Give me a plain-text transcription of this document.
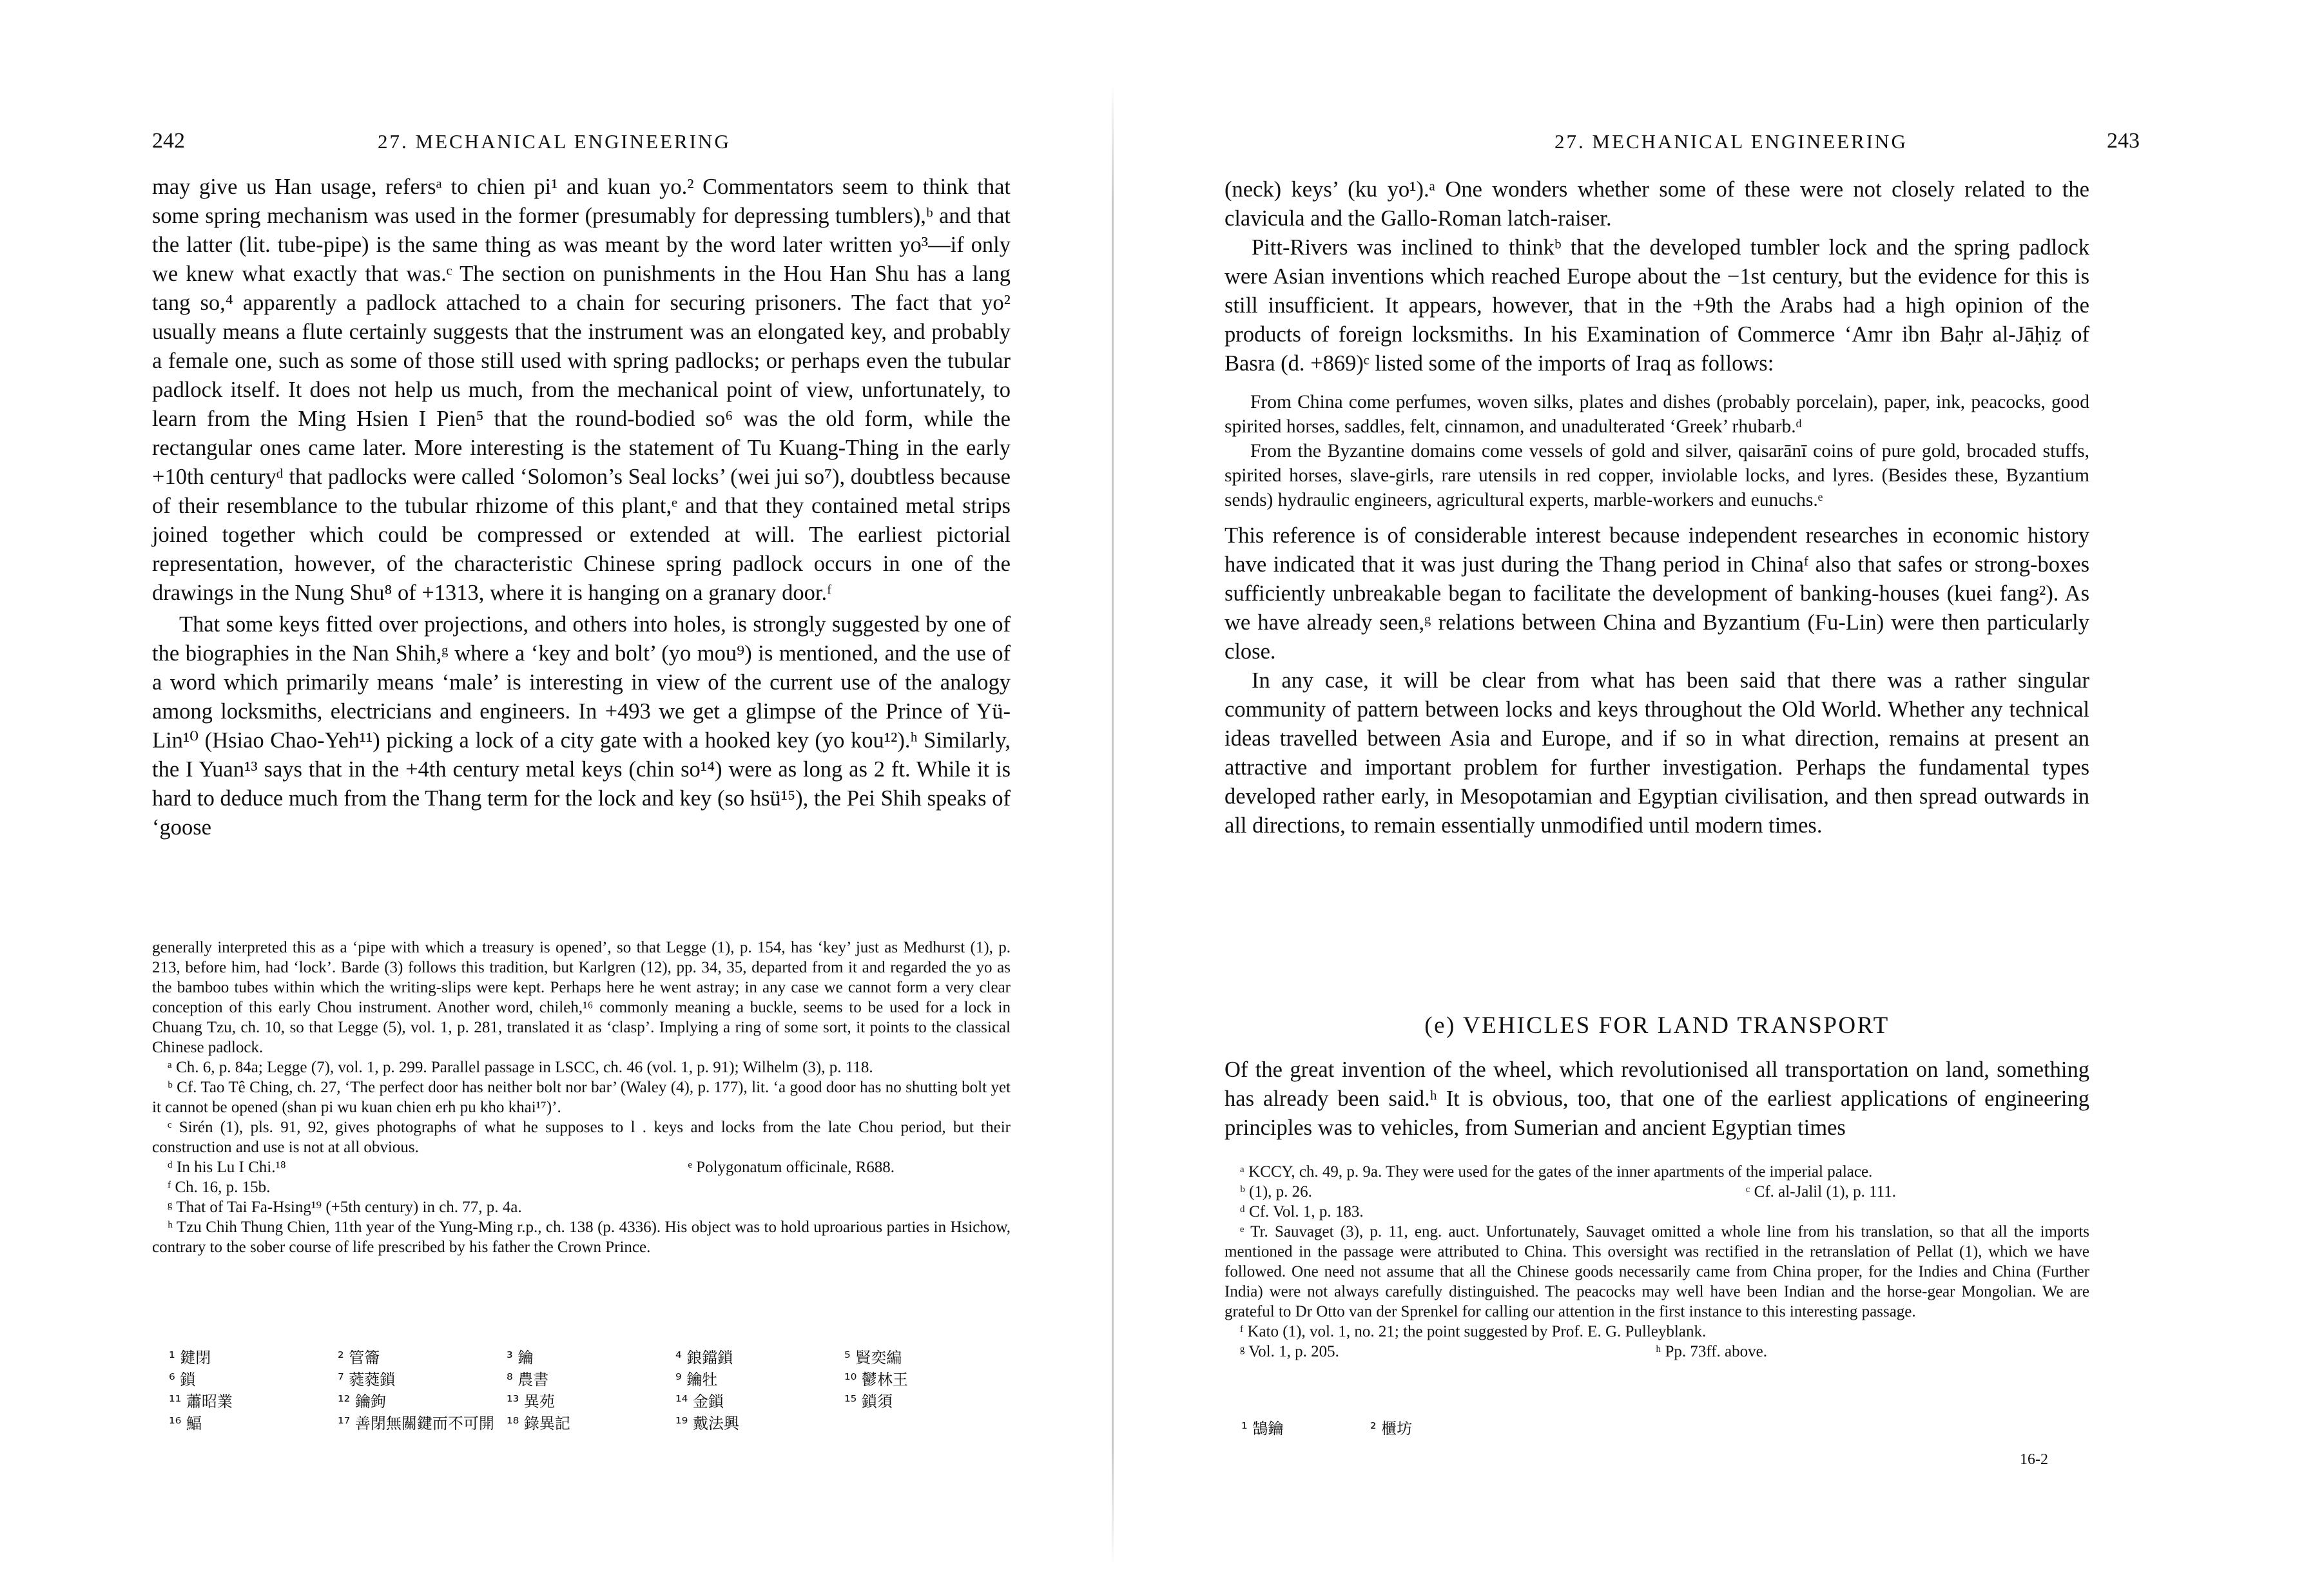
242	27. MECHANICAL ENGINEERING

may give us Han usage, refersᵃ to chien pi¹ and kuan yo.² Commentators seem to think that some spring mechanism was used in the former (presumably for depressing tumblers),ᵇ and that the latter (lit. tube-pipe) is the same thing as was meant by the word later written yo³—if only we knew what exactly that was.ᶜ The section on punishments in the Hou Han Shu has a lang tang so,⁴ apparently a padlock attached to a chain for securing prisoners. The fact that yo² usually means a flute certainly suggests that the instrument was an elongated key, and probably a female one, such as some of those still used with spring padlocks; or perhaps even the tubular padlock itself. It does not help us much, from the mechanical point of view, unfortunately, to learn from the Ming Hsien I Pien⁵ that the round-bodied so⁶ was the old form, while the rectangular ones came later. More interesting is the statement of Tu Kuang-Thing in the early +10th centuryᵈ that padlocks were called ‘Solomon’s Seal locks’ (wei jui so⁷), doubtless because of their resemblance to the tubular rhizome of this plant,ᵉ and that they contained metal strips joined together which could be compressed or extended at will. The earliest pictorial representation, however, of the characteristic Chinese spring padlock occurs in one of the drawings in the Nung Shu⁸ of +1313, where it is hanging on a granary door.ᶠ

That some keys fitted over projections, and others into holes, is strongly suggested by one of the biographies in the Nan Shih,ᵍ where a ‘key and bolt’ (yo mou⁹) is mentioned, and the use of a word which primarily means ‘male’ is interesting in view of the current use of the analogy among locksmiths, electricians and engineers. In +493 we get a glimpse of the Prince of Yü-Lin¹⁰ (Hsiao Chao-Yeh¹¹) picking a lock of a city gate with a hooked key (yo kou¹²).ʰ Similarly, the I Yuan¹³ says that in the +4th century metal keys (chin so¹⁴) were as long as 2 ft. While it is hard to deduce much from the Thang term for the lock and key (so hsü¹⁵), the Pei Shih speaks of ‘goose

generally interpreted this as a ‘pipe with which a treasury is opened’, so that Legge (1), p. 154, has ‘key’ just as Medhurst (1), p. 213, before him, had ‘lock’. Barde (3) follows this tradition, but Karlgren (12), pp. 34, 35, departed from it and regarded the yo as the bamboo tubes within which the writing-slips were kept. Perhaps here he went astray; in any case we cannot form a very clear conception of this early Chou instrument. Another word, chileh,¹⁶ commonly meaning a buckle, seems to be used for a lock in Chuang Tzu, ch. 10, so that Legge (5), vol. 1, p. 281, translated it as ‘clasp’. Implying a ring of some sort, it points to the classical Chinese padlock.

ᵃ Ch. 6, p. 84a; Legge (7), vol. 1, p. 299. Parallel passage in LSCC, ch. 46 (vol. 1, p. 91); Wilhelm (3), p. 118.

ᵇ Cf. Tao Tê Ching, ch. 27, ‘The perfect door has neither bolt nor bar’ (Waley (4), p. 177), lit. ‘a good door has no shutting bolt yet it cannot be opened (shan pi wu kuan chien erh pu kho khai¹⁷)’.

ᶜ Sirén (1), pls. 91, 92, gives photographs of what he supposes to l . keys and locks from the late Chou period, but their construction and use is not at all obvious.

ᵈ In his Lu I Chi.¹⁸	ᵉ Polygonatum officinale, R688.

ᶠ Ch. 16, p. 15b.

ᵍ That of Tai Fa-Hsing¹⁹ (+5th century) in ch. 77, p. 4a.

ʰ Tzu Chih Thung Chien, 11th year of the Yung-Ming r.p., ch. 138 (p. 4336). His object was to hold uproarious parties in Hsichow, contrary to the sober course of life prescribed by his father the Crown Prince.

¹ 鍵閉	² 管籥	³ 鑰	⁴ 鋃鐺鎖	⁵ 賢奕編
⁶ 鎖	⁷ 蕤蕤鎖	⁸ 農書	⁹ 鑰牡	¹⁰ 鬱林王
¹¹ 蕭昭業	¹² 鑰鉤	¹³ 異苑	¹⁴ 金鎖	¹⁵ 鎖須
¹⁶ 鰏	¹⁷ 善閉無關鍵而不可開 ¹⁸ 錄異記	¹⁹ 戴法興
27. MECHANICAL ENGINEERING	243

(neck) keys’ (ku yo¹).ᵃ One wonders whether some of these were not closely related to the clavicula and the Gallo-Roman latch-raiser.

Pitt-Rivers was inclined to thinkᵇ that the developed tumbler lock and the spring padlock were Asian inventions which reached Europe about the −1st century, but the evidence for this is still insufficient. It appears, however, that in the +9th the Arabs had a high opinion of the products of foreign locksmiths. In his Examination of Commerce ‘Amr ibn Baḥr al-Jāḥiẓ of Basra (d. +869)ᶜ listed some of the imports of Iraq as follows:

From China come perfumes, woven silks, plates and dishes (probably porcelain), paper, ink, peacocks, good spirited horses, saddles, felt, cinnamon, and unadulterated ‘Greek’ rhubarb.ᵈ

From the Byzantine domains come vessels of gold and silver, qaisarānī coins of pure gold, brocaded stuffs, spirited horses, slave-girls, rare utensils in red copper, inviolable locks, and lyres. (Besides these, Byzantium sends) hydraulic engineers, agricultural experts, marble-workers and eunuchs.ᵉ

This reference is of considerable interest because independent researches in economic history have indicated that it was just during the Thang period in Chinaᶠ also that safes or strong-boxes sufficiently unbreakable began to facilitate the development of banking-houses (kuei fang²). As we have already seen,ᵍ relations between China and Byzantium (Fu-Lin) were then particularly close.

In any case, it will be clear from what has been said that there was a rather singular community of pattern between locks and keys throughout the Old World. Whether any technical ideas travelled between Asia and Europe, and if so in what direction, remains at present an attractive and important problem for further investigation. Perhaps the fundamental types developed rather early, in Mesopotamian and Egyptian civilisation, and then spread outwards in all directions, to remain essentially unmodified until modern times.

(e) VEHICLES FOR LAND TRANSPORT

Of the great invention of the wheel, which revolutionised all transportation on land, something has already been said.ʰ It is obvious, too, that one of the earliest applications of engineering principles was to vehicles, from Sumerian and ancient Egyptian times

ᵃ KCCY, ch. 49, p. 9a. They were used for the gates of the inner apartments of the imperial palace.

ᵇ (1), p. 26.	ᶜ Cf. al-Jalil (1), p. 111.

ᵈ Cf. Vol. 1, p. 183.

ᵉ Tr. Sauvaget (3), p. 11, eng. auct. Unfortunately, Sauvaget omitted a whole line from his translation, so that all the imports mentioned in the passage were attributed to China. This oversight was rectified in the retranslation of Pellat (1), which we have followed. One need not assume that all the Chinese goods necessarily came from China proper, for the Indies and China (Further India) were not always carefully distinguished. The peacocks may well have been Indian and the horse-gear Mongolian. We are grateful to Dr Otto van der Sprenkel for calling our attention in the first instance to this interesting passage.

ᶠ Kato (1), vol. 1, no. 21; the point suggested by Prof. E. G. Pulleyblank.

ᵍ Vol. 1, p. 205.	ʰ Pp. 73ff. above.
¹ 鵠鑰	² 櫃坊
16-2
